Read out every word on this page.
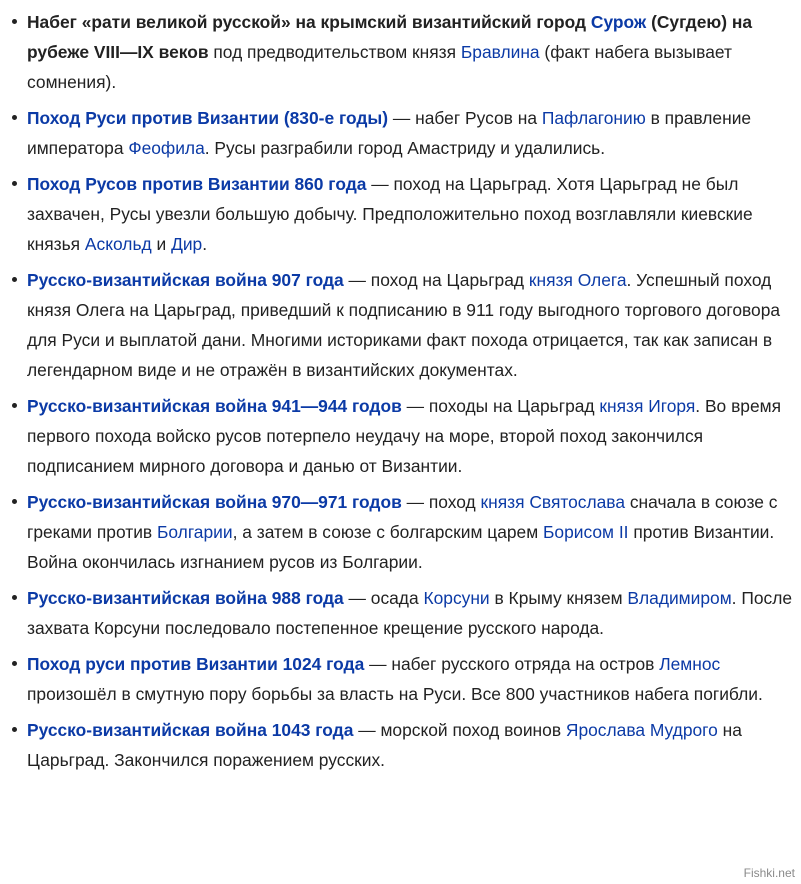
Набег «рати великой русской» на крымский византийский город Сурож (Сугдею) на рубеже VIII—IX веков под предводительством князя Бравлина (факт набега вызывает сомнения).
Поход Руси против Византии (830-е годы) — набег Русов на Пафлагонию в правление императора Феофила. Русы разграбили город Амастриду и удалились.
Поход Русов против Византии 860 года — поход на Царьград. Хотя Царьград не был захвачен, Русы увезли большую добычу. Предположительно поход возглавляли киевские князья Аскольд и Дир.
Русско-византийская война 907 года — поход на Царьград князя Олега. Успешный поход князя Олега на Царьград, приведший к подписанию в 911 году выгодного торгового договора для Руси и выплатой дани. Многими историками факт похода отрицается, так как записан в легендарном виде и не отражён в византийских документах.
Русско-византийская война 941—944 годов — походы на Царьград князя Игоря. Во время первого похода войско русов потерпело неудачу на море, второй поход закончился подписанием мирного договора и данью от Византии.
Русско-византийская война 970—971 годов — поход князя Святослава сначала в союзе с греками против Болгарии, а затем в союзе с болгарским царем Борисом II против Византии. Война окончилась изгнанием русов из Болгарии.
Русско-византийская война 988 года — осада Корсуни в Крыму князем Владимиром. После захвата Корсуни последовало постепенное крещение русского народа.
Поход руси против Византии 1024 года — набег русского отряда на остров Лемнос произошёл в смутную пору борьбы за власть на Руси. Все 800 участников набега погибли.
Русско-византийская война 1043 года — морской поход воинов Ярослава Мудрого на Царьград. Закончился поражением русских.
Fishki.net
